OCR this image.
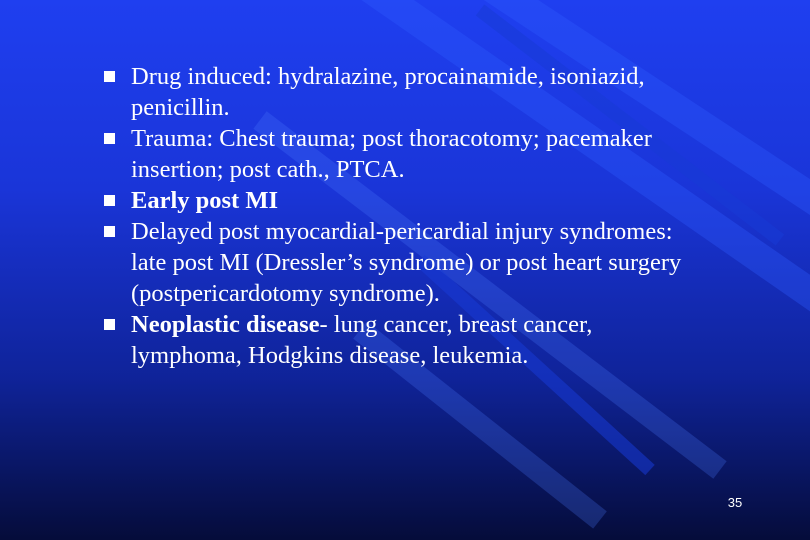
Drug induced: hydralazine, procainamide, isoniazid, penicillin.
Trauma: Chest trauma; post thoracotomy; pacemaker insertion; post cath., PTCA.
Early post MI
Delayed post myocardial-pericardial injury syndromes: late post MI (Dressler’s syndrome) or post heart surgery (postpericardotomy syndrome).
Neoplastic disease- lung cancer, breast cancer, lymphoma, Hodgkins disease, leukemia.
35
